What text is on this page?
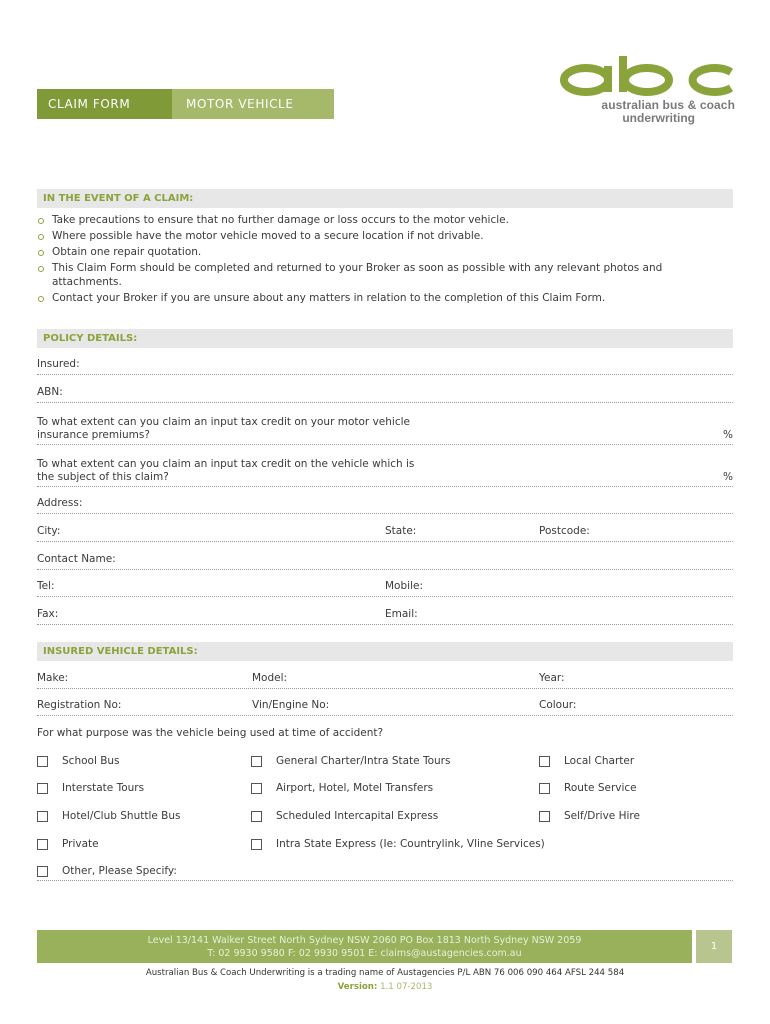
CLAIM FORM	MOTOR VEHICLE	australian bus & coach
underwriting
IN THE EVENT OF A CLAIM:
Take precautions to ensure that no further damage or loss occurs to the motor vehicle.
Where possible have the motor vehicle moved to a secure location if not drivable.
Obtain one repair quotation.
This Claim Form should be completed and returned to your Broker as soon as possible with any relevant photos and attachments.
Contact your Broker if you are unsure about any matters in relation to the completion of this Claim Form.
POLICY DETAILS:
Insured:
ABN:
To what extent can you claim an input tax credit on your motor vehicle
insurance premiums?	%
To what extent can you claim an input tax credit on the vehicle which is
the subject of this claim?	%
Address:
City:	State:	Postcode:
Contact Name:
Tel:	Mobile:
Fax:	Email:
INSURED VEHICLE DETAILS:
Make:	Model:	Year:
Registration No:	Vin/Engine No:	Colour:
For what purpose was the vehicle being used at time of accident?
School Bus	General Charter/Intra State Tours	Local Charter
Interstate Tours	Airport, Hotel, Motel Transfers	Route Service
Hotel/Club Shuttle Bus	Scheduled Intercapital Express	Self/Drive Hire
Private	Intra State Express (Ie: Countrylink, Vline Services)
Other, Please Specify:
Level 13/141 Walker Street North Sydney NSW 2060 PO Box 1813 North Sydney NSW 2059
T: 02 9930 9580 F: 02 9930 9501 E: claims@austagencies.com.au
1
Australian Bus & Coach Underwriting is a trading name of Austagencies P/L ABN 76 006 090 464 AFSL 244 584
Version: 1.1 07-2013
